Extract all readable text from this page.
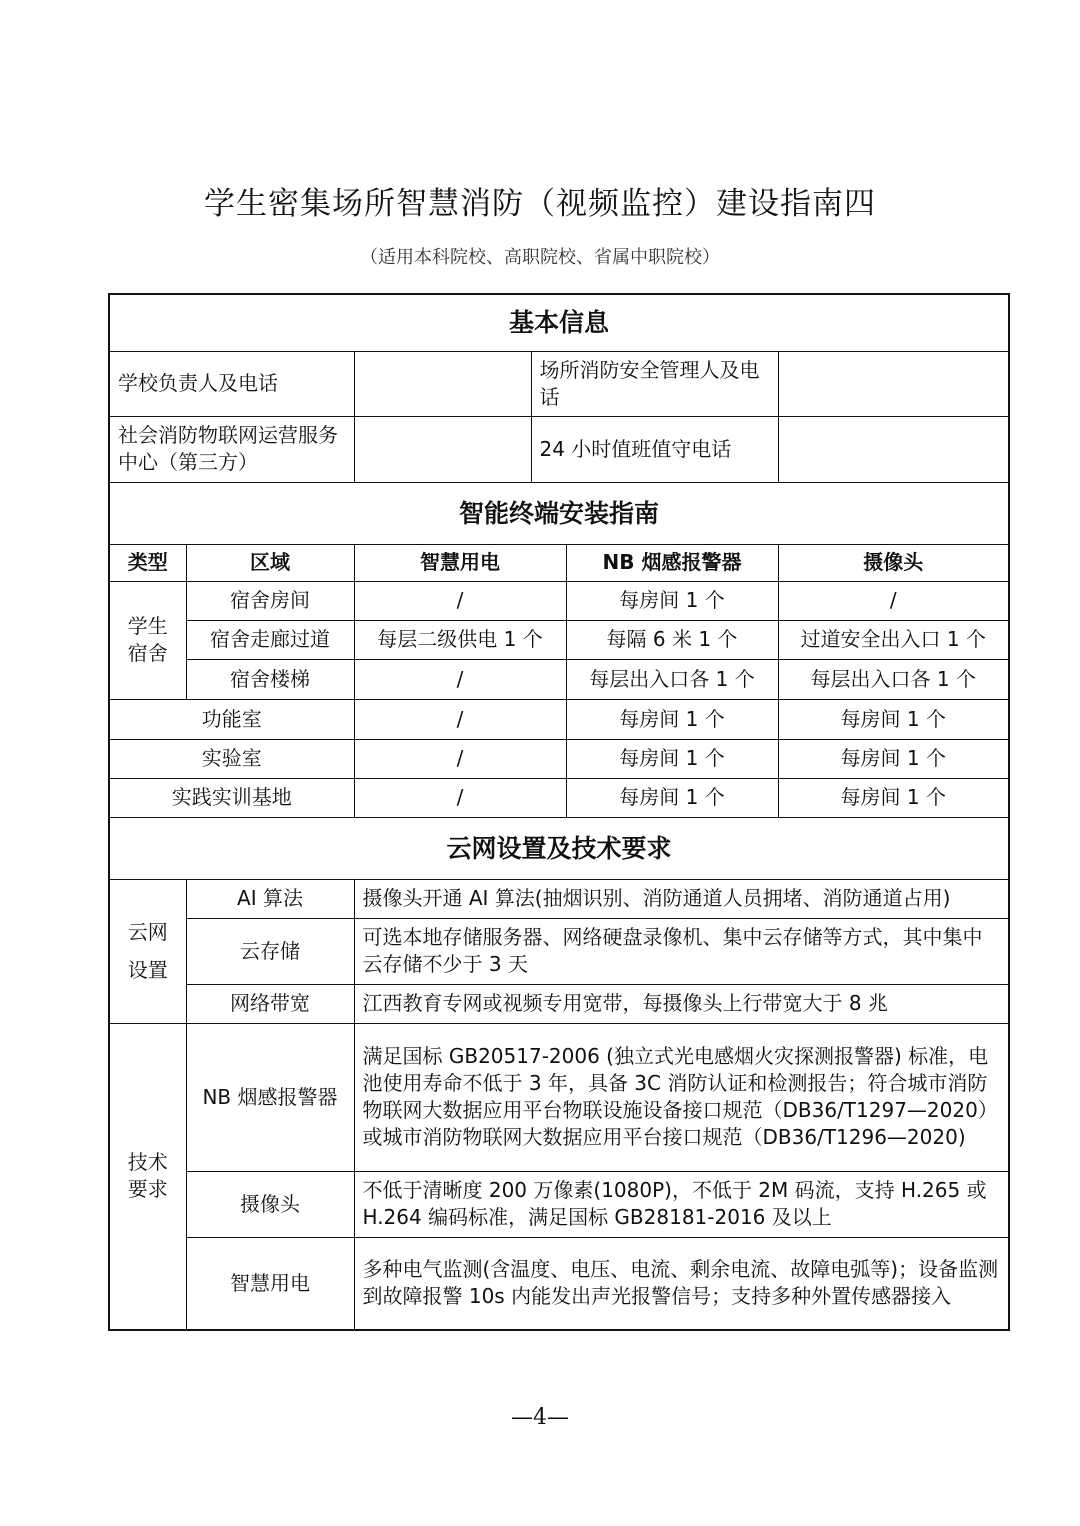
学生密集场所智慧消防（视频监控）建设指南四
（适用本科院校、高职院校、省属中职院校）
基本信息					
学校负责人及电话			场所消防安全管理人及电话		
社会消防物联网运营服务中心（第三方）			24 小时值班值守电话		
智能终端安装指南					
类型	区域	智慧用电		NB 烟感报警器	摄像头
学生宿舍	宿舍房间	/		每房间 1 个	/
	宿舍走廊过道	每层二级供电 1 个		每隔 6 米 1 个	过道安全出入口 1 个
	宿舍楼梯	/		每层出入口各 1 个	每层出入口各 1 个
功能室		/		每房间 1 个	每房间 1 个
实验室		/		每房间 1 个	每房间 1 个
实践实训基地		/		每房间 1 个	每房间 1 个
云网设置及技术要求					
云网设置	AI 算法	摄像头开通 AI 算法(抽烟识别、消防通道人员拥堵、消防通道占用)			
	云存储	可选本地存储服务器、网络硬盘录像机、集中云存储等方式，其中集中云存储不少于 3 天			
	网络带宽	江西教育专网或视频专用宽带，每摄像头上行带宽大于 8 兆			
技术要求	NB 烟感报警器	满足国标 GB20517-2006 (独立式光电感烟火灾探测报警器) 标准，电池使用寿命不低于 3 年，具备 3C 消防认证和检测报告；符合城市消防物联网大数据应用平台物联设施设备接口规范（DB36/T1297—2020）或城市消防物联网大数据应用平台接口规范（DB36/T1296—2020)			
	摄像头	不低于清晰度 200 万像素(1080P)，不低于 2M 码流，支持 H.265 或 H.264 编码标准，满足国标 GB28181-2016 及以上			
	智慧用电	多种电气监测(含温度、电压、电流、剩余电流、故障电弧等)；设备监测到故障报警 10s 内能发出声光报警信号；支持多种外置传感器接入			
—4—
